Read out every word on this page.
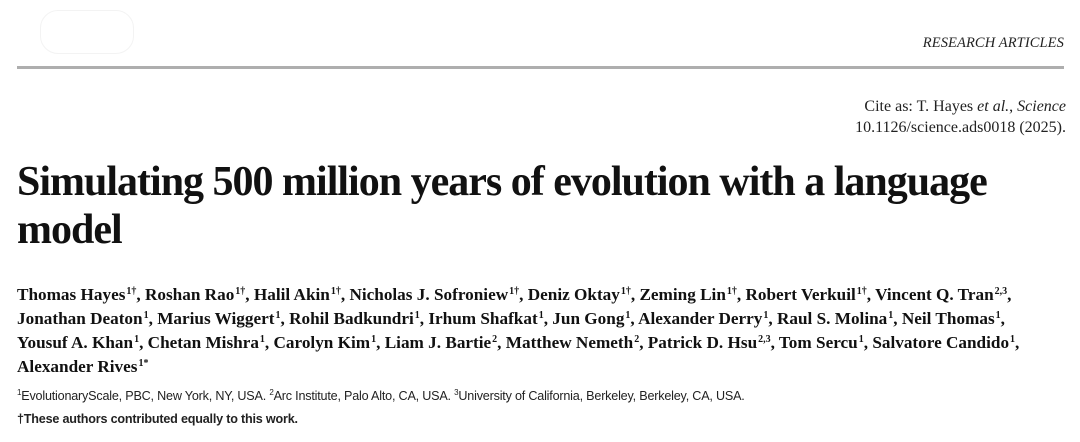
RESEARCH ARTICLES
Cite as: T. Hayes et al., Science
10.1126/science.ads0018 (2025).
Simulating 500 million years of evolution with a language model

Thomas Hayes$^{1\dagger}$, Roshan Rao$^{1\dagger}$, Halil Akin$^{1\dagger}$, Nicholas J. Sofroniew$^{1\dagger}$, Deniz Oktay$^{1\dagger}$, Zeming Lin$^{1\dagger}$, Robert Verkuil$^{1\dagger}$, Vincent Q. Tran$^{2,3}$, Jonathan Deaton$^1$, Marius Wiggert$^1$, Rohil Badkundri$^1$, Irhum Shafkat$^1$, Jun Gong$^1$, Alexander Derry$^1$, Raul S. Molina$^1$, Neil Thomas$^1$, Yousuf A. Khan$^1$, Chetan Mishra$^1$, Carolyn Kim$^1$, Liam J. Bartie$^2$, Matthew Nemeth$^2$, Patrick D. Hsu$^{2,3}$, Tom Sercu$^1$, Salvatore Candido$^1$, Alexander Rives$^{1*}$

$^1$EvolutionaryScale, PBC, New York, NY, USA. $^2$Arc Institute, Palo Alto, CA, USA. $^3$University of California, Berkeley, Berkeley, CA, USA.
†These authors contributed equally to this work.
